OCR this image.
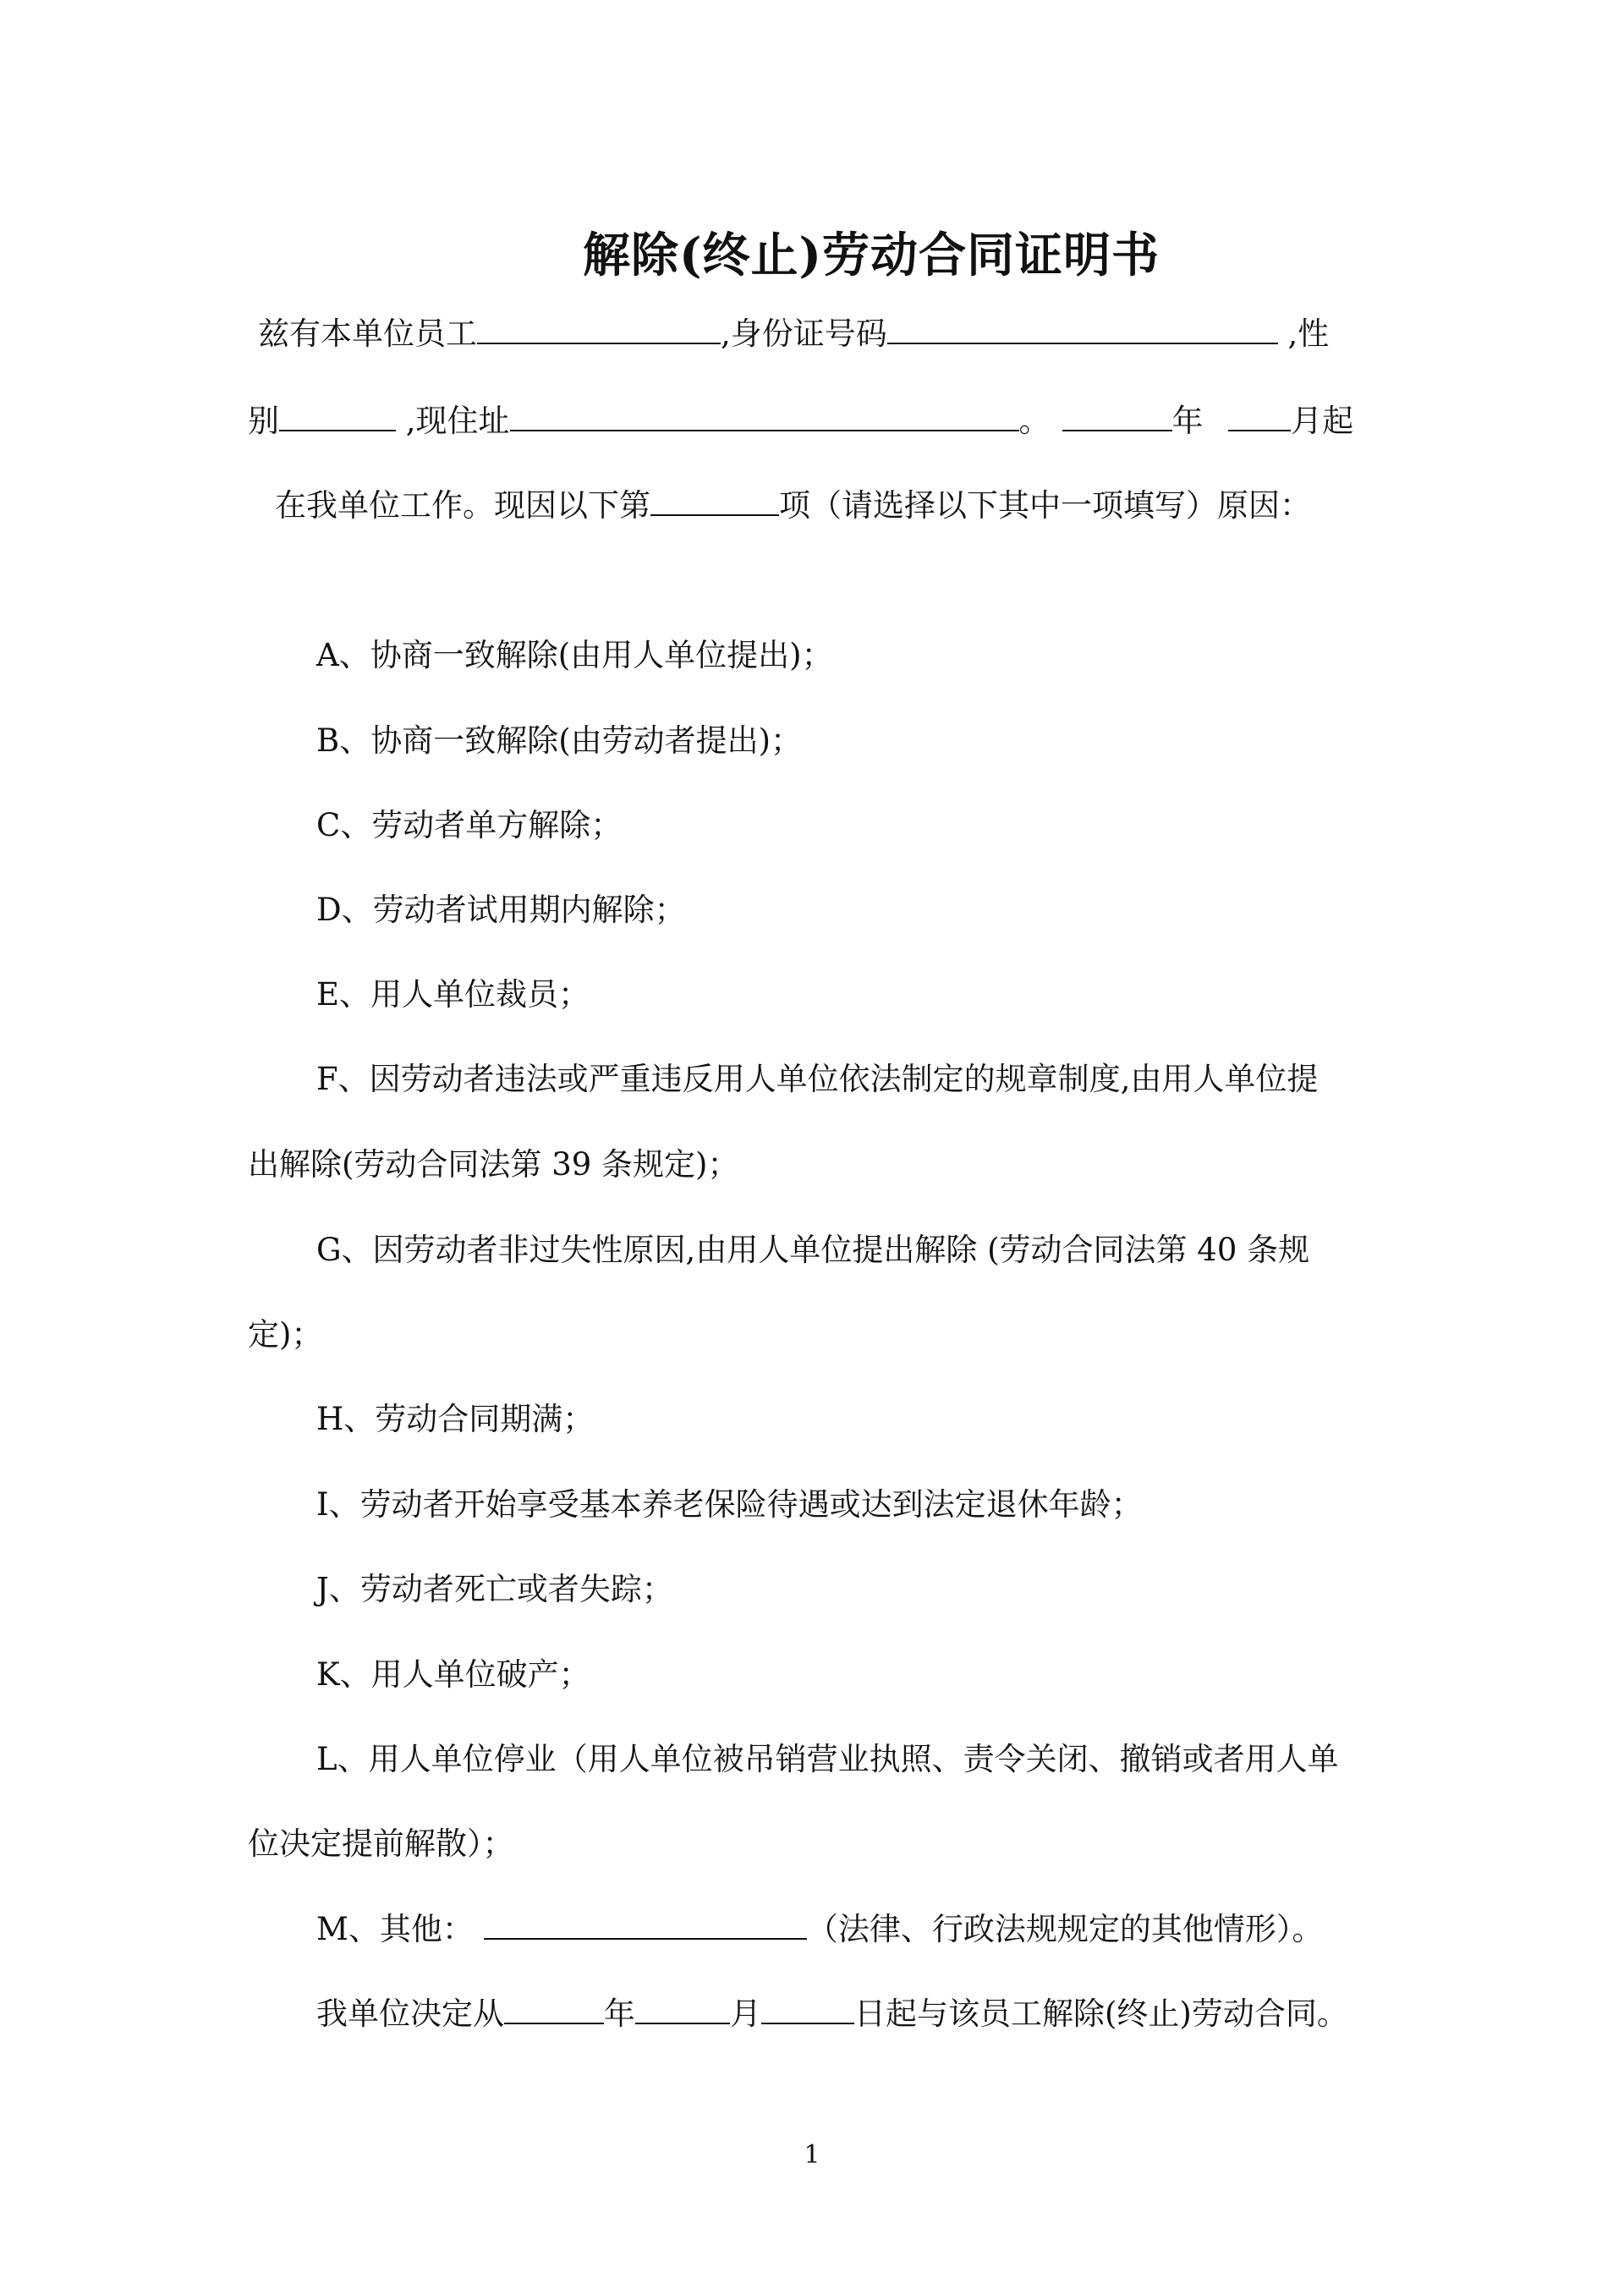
解除(终止)劳动合同证明书
兹有本单位员工	,身份证号码	,性
别	,现住址	。	年 月起
在我单位工作。现因以下第	项（请选择以下其中一项填写）原因：
A、协商一致解除(由用人单位提出)；
B、协商一致解除(由劳动者提出)；
C、劳动者单方解除；
D、劳动者试用期内解除；
E、用人单位裁员；
F、因劳动者违法或严重违反用人单位依法制定的规章制度,由用人单位提
出解除(劳动合同法第 39 条规定)；
G、因劳动者非过失性原因,由用人单位提出解除 (劳动合同法第 40 条规
定)；
H、劳动合同期满；
I、劳动者开始享受基本养老保险待遇或达到法定退休年龄；
J、劳动者死亡或者失踪；
K、用人单位破产；
L、用人单位停业（用人单位被吊销营业执照、责令关闭、撤销或者用人单
位决定提前解散）；
M、其他：	（法律、行政法规规定的其他情形）。
我单位决定从	年	月	日起与该员工解除(终止)劳动合同。
1
